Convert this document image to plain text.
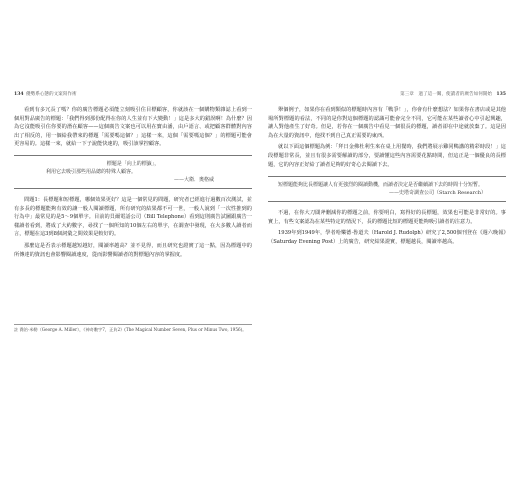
134 優勢系心態的文案寫作術

看到有多冗長了嗎？你的廣告標題必須能立刻吸引住目標顧客，你就該在一個購物類雜誌上看到一個用對品廣告的標題：「我們得到那份配得在你的人生並有下大變動！」這是多大的錯誤啊！為什麼？因為它沒能吸引住你要的潛在顧客——這個廣告文案也可以用在寶由潘，由戶語言、或把顧客群體對內容出了相反的，用一個給我帶來的標題「需要嗎這個？」這樣一來，這個「需要嗎這個？」的標題可能會更容易的。這樣一來，就給一下子說能快速的，吸引該掌控顧客。

標題是「向上的標籤」，
利用它去吸引那些用品總的特殊人顧客。
——大衛．奧格威

問題1：長標題和短標題，哪個效果更好？這是一個常見的問題，研究者已經進行過數百次測試，並有多長的標題能夠有效的讓一般人閱讀標題，所有研究的結果都不可一世，一般人說到「一次性推到的行為中」最常見的是5～9個單字。目前的貝爾電話公司（Bill Telephone）看到這則廣告試圖跟廣告一樣讀者看到，將成了大約數字，尋找了一個所知的10個左右的單字，在調查中發現，在大多數人讀者而言，標題在這3到8個詞彙之間效果是較好的。

那麼這是否表示標題越短越好，閱讀率越高？並不見得，而且研究也證實了這一點，因為標題中的所傳達的資訊也會影響閱讀速度，從而影響閱讀者的對標題內容的掌握度。

註 喬治·米勒（George A. Miller），《神奇數字7，正負2》(The Magical Number Seven, Plus or Minus Two, 1956)。
第三章　過了這一關，使讀者的廣告如何開始 135

舉個例子，如果你在看到類似的標題時內容有「戰爭！」，你會有什麼想法？如果你在書店或是其他場所對標題的看法，不同的是你對這個標題的認識可能會完全不同，它可能在某些讀者心中引起興趣，讓人對他產生了好奇。但是，若你在一個廣告中看見一個很長的標題，讀者卻在中途就放棄了。這是因為在大量的資訊中，他找不到自己真正需要的東西。

就以下面這個標題為例：「拜日金佛杜利生來在桌上用餐時，我們將展示雞同鴨講的精彩時段！」這段標題非常長，並且有很多需要解讀的部分，要讀懂這些內容需要花點時間，但這正是一個優良的長標題，它的內容正好給了讀者足夠的好奇心去閱讀下去。

短標題能夠比長標題讓人有更強烈的閱讀動機，而讀者決定是否繼續讀下去的時間十分短暫。
——史塔奇調查公司（Starch Research）

不過，在你大刀闊斧刪減你的標題之前，你要明白，寫得好的長標題，效果也可能是非常好的。事實上，有些文案認為在某些特定的情況下，長的標題比短的標題更能夠吸引讀者的注意力。

1939年到1949年，學者哈樂德·魯道夫（Harold J. Rudolph）研究了2,500個刊登在《週六晚報》（Saturday Evening Post）上的廣告，研究結果證實，標題越長，閱讀率越高。
